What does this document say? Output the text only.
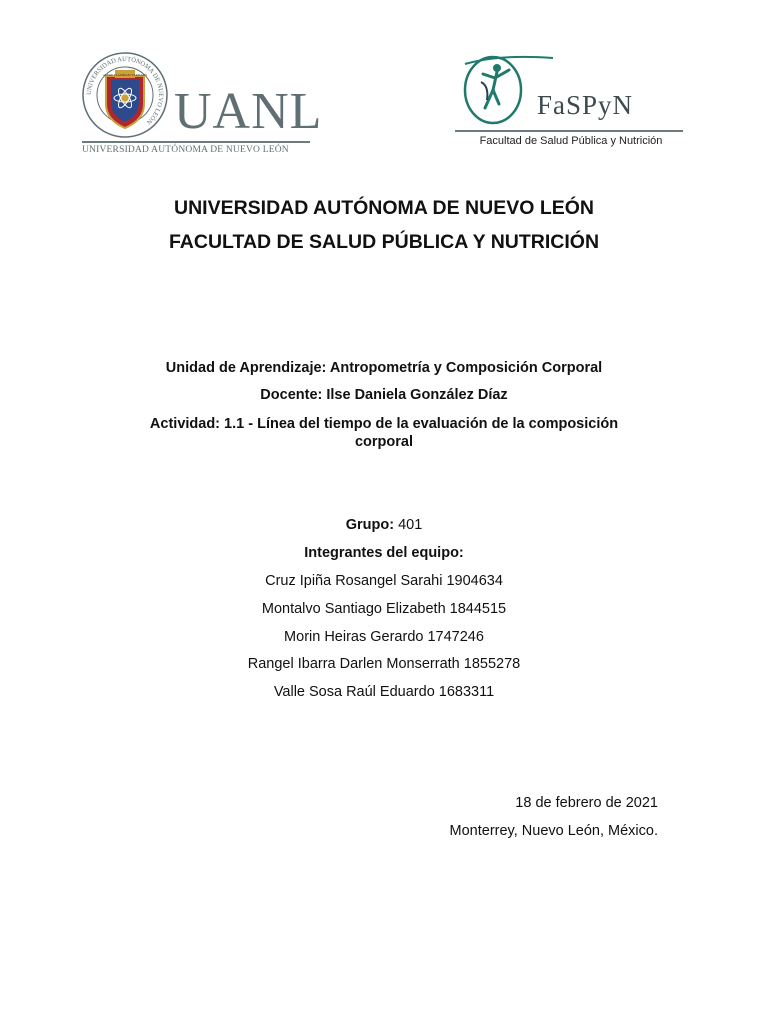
UNIVERSIDAD AUTÓNOMA DE NUEVO LEÓN
ALERE FLAMMAM VERITATIS
UANL
UNIVERSIDAD AUTÓNOMA DE NUEVO LEÓN
FaSPyN
Facultad de Salud Pública y Nutrición
UNIVERSIDAD AUTÓNOMA DE NUEVO LEÓN
FACULTAD DE SALUD PÚBLICA Y NUTRICIÓN
Unidad de Aprendizaje: Antropometría y Composición Corporal
Docente: Ilse Daniela González Díaz
Actividad: 1.1 - Línea del tiempo de la evaluación de la composición
corporal
Grupo: 401
Integrantes del equipo:
Cruz Ipiña Rosangel Sarahi 1904634
Montalvo Santiago Elizabeth 1844515
Morin Heiras Gerardo 1747246
Rangel Ibarra Darlen Monserrath 1855278
Valle Sosa Raúl Eduardo 1683311
18 de febrero de 2021
Monterrey, Nuevo León, México.
